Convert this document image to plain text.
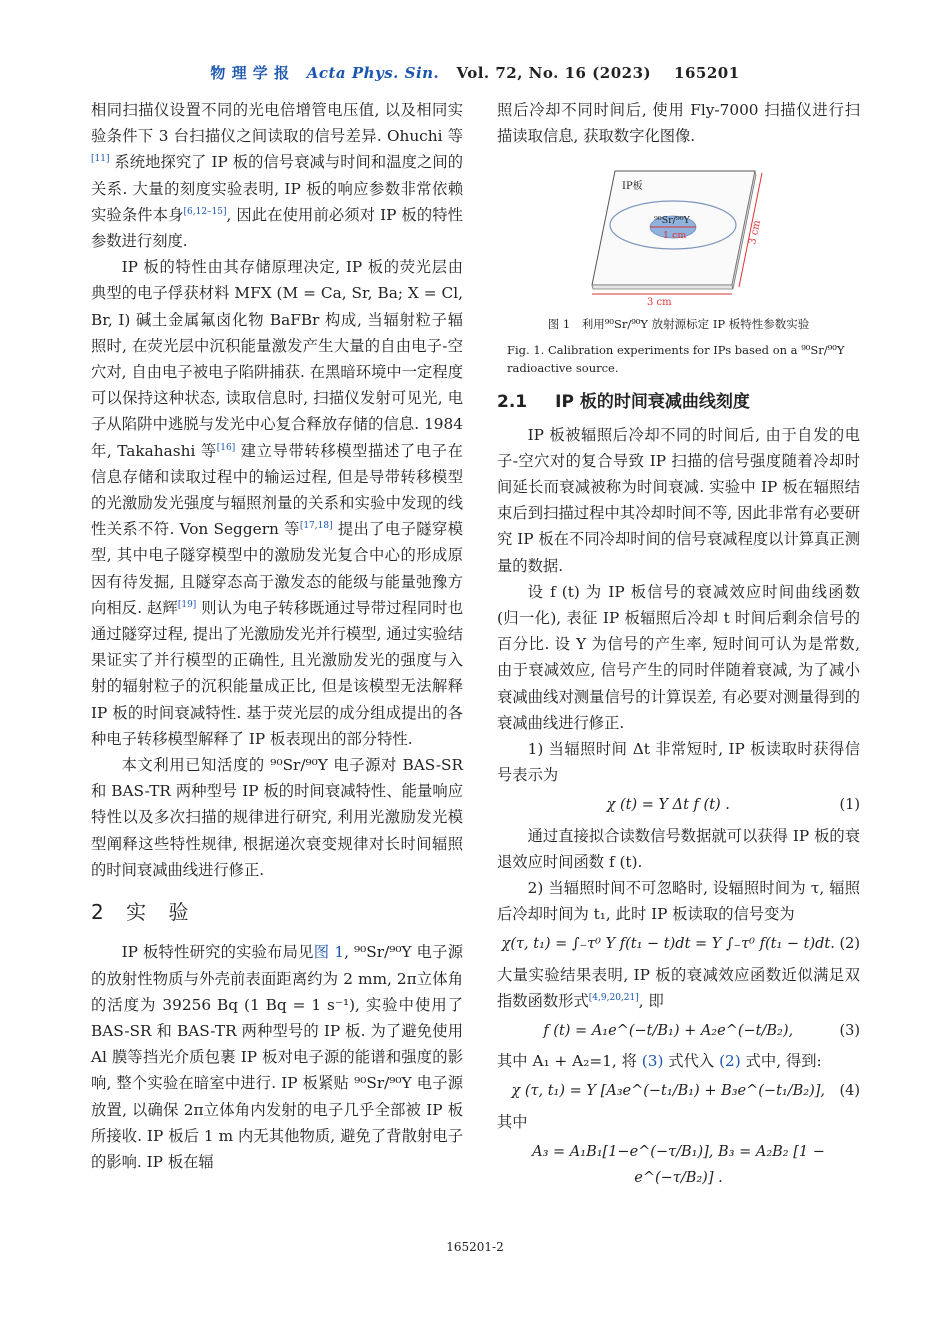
物 理 学 报 Acta Phys. Sin. Vol. 72, No. 16 (2023) 165201

相同扫描仪设置不同的光电倍增管电压值, 以及相同实验条件下 3 台扫描仪之间读取的信号差异. Ohuchi 等[11] 系统地探究了 IP 板的信号衰减与时间和温度之间的关系. 大量的刻度实验表明, IP 板的响应参数非常依赖实验条件本身[6,12–15], 因此在使用前必须对 IP 板的特性参数进行刻度.

IP 板的特性由其存储原理决定, IP 板的荧光层由典型的电子俘获材料 MFX (M = Ca, Sr, Ba; X = Cl, Br, I) 碱土金属氟卤化物 BaFBr 构成, 当辐射粒子辐照时, 在荧光层中沉积能量激发产生大量的自由电子-空穴对, 自由电子被电子陷阱捕获. 在黑暗环境中一定程度可以保持这种状态, 读取信息时, 扫描仪发射可见光, 电子从陷阱中逃脱与发光中心复合释放存储的信息. 1984 年, Takahashi 等[16] 建立导带转移模型描述了电子在信息存储和读取过程中的输运过程, 但是导带转移模型的光激励发光强度与辐照剂量的关系和实验中发现的线性关系不符. Von Seggern 等[17,18] 提出了电子隧穿模型, 其中电子隧穿模型中的激励发光复合中心的形成原因有待发掘, 且隧穿态高于激发态的能级与能量弛豫方向相反. 赵辉[19] 则认为电子转移既通过导带过程同时也通过隧穿过程, 提出了光激励发光并行模型, 通过实验结果证实了并行模型的正确性, 且光激励发光的强度与入射的辐射粒子的沉积能量成正比, 但是该模型无法解释 IP 板的时间衰减特性. 基于荧光层的成分组成提出的各种电子转移模型解释了 IP 板表现出的部分特性.

本文利用已知活度的 ⁹⁰Sr/⁹⁰Y 电子源对 BAS-SR 和 BAS-TR 两种型号 IP 板的时间衰减特性、能量响应特性以及多次扫描的规律进行研究, 利用光激励发光模型阐释这些特性规律, 根据递次衰变规律对长时间辐照的时间衰减曲线进行修正.

2 实 验

IP 板特性研究的实验布局见图 1, ⁹⁰Sr/⁹⁰Y 电子源的放射性物质与外壳前表面距离约为 2 mm, 2π立体角的活度为 39256 Bq (1 Bq = 1 s⁻¹), 实验中使用了 BAS-SR 和 BAS-TR 两种型号的 IP 板. 为了避免使用 Al 膜等挡光介质包裹 IP 板对电子源的能谱和强度的影响, 整个实验在暗室中进行. IP 板紧贴 ⁹⁰Sr/⁹⁰Y 电子源放置, 以确保 2π立体角内发射的电子几乎全部被 IP 板所接收. IP 板后 1 m 内无其他物质, 避免了背散射电子的影响. IP 板在辐

照后冷却不同时间后, 使用 Fly-7000 扫描仪进行扫描读取信息, 获取数字化图像.

IP板
⁹⁰Sr/⁹⁰Y
1 cm
3 cm
3 cm
图 1　利用⁹⁰Sr/⁹⁰Y 放射源标定 IP 板特性参数实验
Fig. 1. Calibration experiments for IPs based on a ⁹⁰Sr/⁹⁰Y radioactive source.
2.1 IP 板的时间衰减曲线刻度

IP 板被辐照后冷却不同的时间后, 由于自发的电子-空穴对的复合导致 IP 扫描的信号强度随着冷却时间延长而衰减被称为时间衰减. 实验中 IP 板在辐照结束后到扫描过程中其冷却时间不等, 因此非常有必要研究 IP 板在不同冷却时间的信号衰减程度以计算真正测量的数据.

设 f (t) 为 IP 板信号的衰减效应时间曲线函数 (归一化), 表征 IP 板辐照后冷却 t 时间后剩余信号的百分比. 设 Y 为信号的产生率, 短时间可认为是常数, 由于衰减效应, 信号产生的同时伴随着衰减, 为了减小衰减曲线对测量信号的计算误差, 有必要对测量得到的衰减曲线进行修正.

1) 当辐照时间 Δt 非常短时, IP 板读取时获得信号表示为

χ (t) = Y Δt f (t) .	(1)

通过直接拟合读数信号数据就可以获得 IP 板的衰退效应时间函数 f (t).

2) 当辐照时间不可忽略时, 设辐照时间为 τ, 辐照后冷却时间为 t₁, 此时 IP 板读取的信号变为

χ(τ, t₁) = ∫₋τ⁰ Y f(t₁ − t)dt = Y ∫₋τ⁰ f(t₁ − t)dt. (2)

大量实验结果表明, IP 板的衰减效应函数近似满足双指数函数形式[4,9,20,21], 即

f (t) = A₁e^(−t/B₁) + A₂e^(−t/B₂),	(3)

其中 A₁ + A₂=1, 将 (3) 式代入 (2) 式中, 得到:

χ (τ, t₁) = Y [A₃e^(−t₁/B₁) + B₃e^(−t₁/B₂)], (4)

其中

A₃ = A₁B₁[1−e^(−τ/B₁)], B₃ = A₂B₂ [1 − e^(−τ/B₂)] .
165201-2
